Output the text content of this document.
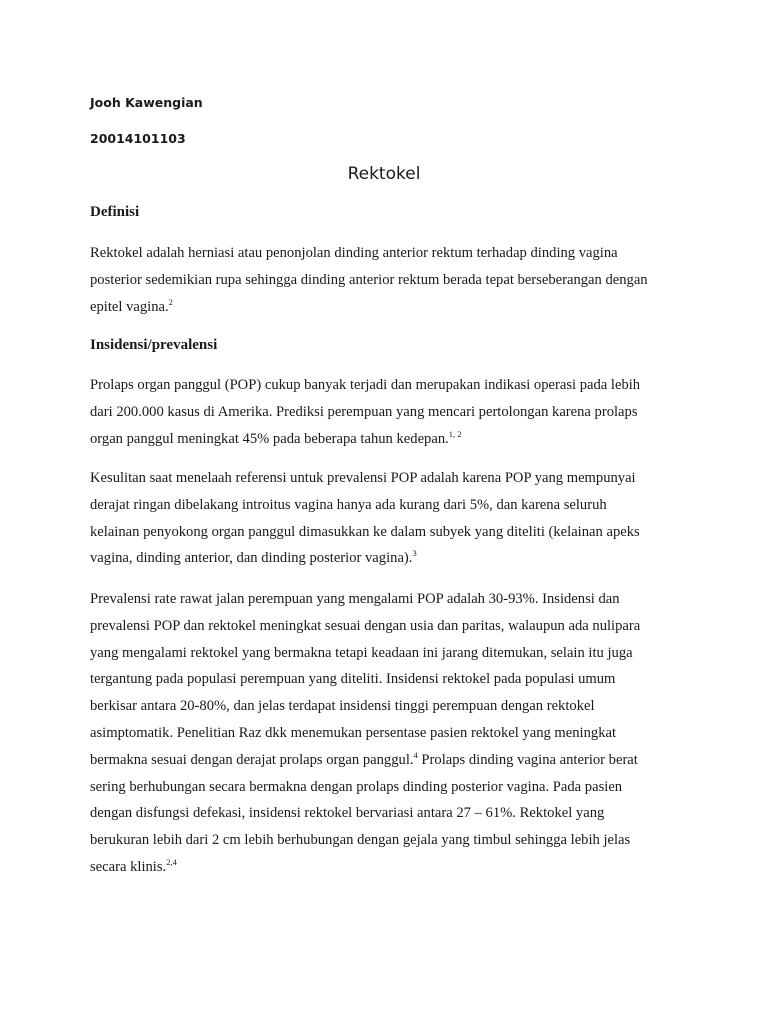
Jooh Kawengian

20014101103

Rektokel
Definisi

Rektokel adalah herniasi atau penonjolan dinding anterior rektum terhadap dinding vagina
posterior sedemikian rupa sehingga dinding anterior rektum berada tepat berseberangan dengan
epitel vagina.$^2$

Insidensi/prevalensi

Prolaps organ panggul (POP) cukup banyak terjadi dan merupakan indikasi operasi pada lebih
dari 200.000 kasus di Amerika. Prediksi perempuan yang mencari pertolongan karena prolaps
organ panggul meningkat 45% pada beberapa tahun kedepan.$^{1, 2}$

Kesulitan saat menelaah referensi untuk prevalensi POP adalah karena POP yang mempunyai
derajat ringan dibelakang introitus vagina hanya ada kurang dari 5%, dan karena seluruh
kelainan penyokong organ panggul dimasukkan ke dalam subyek yang diteliti (kelainan apeks
vagina, dinding anterior, dan dinding posterior vagina).$^3$

Prevalensi rate rawat jalan perempuan yang mengalami POP adalah 30-93%. Insidensi dan
prevalensi POP dan rektokel meningkat sesuai dengan usia dan paritas, walaupun ada nulipara
yang mengalami rektokel yang bermakna tetapi keadaan ini jarang ditemukan, selain itu juga
tergantung pada populasi perempuan yang diteliti. Insidensi rektokel pada populasi umum
berkisar antara 20-80%, dan jelas terdapat insidensi tinggi perempuan dengan rektokel
asimptomatik. Penelitian Raz dkk menemukan persentase pasien rektokel yang meningkat
bermakna sesuai dengan derajat prolaps organ panggul.$^4$ Prolaps dinding vagina anterior berat
sering berhubungan secara bermakna dengan prolaps dinding posterior vagina. Pada pasien
dengan disfungsi defekasi, insidensi rektokel bervariasi antara 27 – 61%. Rektokel yang
berukuran lebih dari 2 cm lebih berhubungan dengan gejala yang timbul sehingga lebih jelas
secara klinis.$^{2,4}$
